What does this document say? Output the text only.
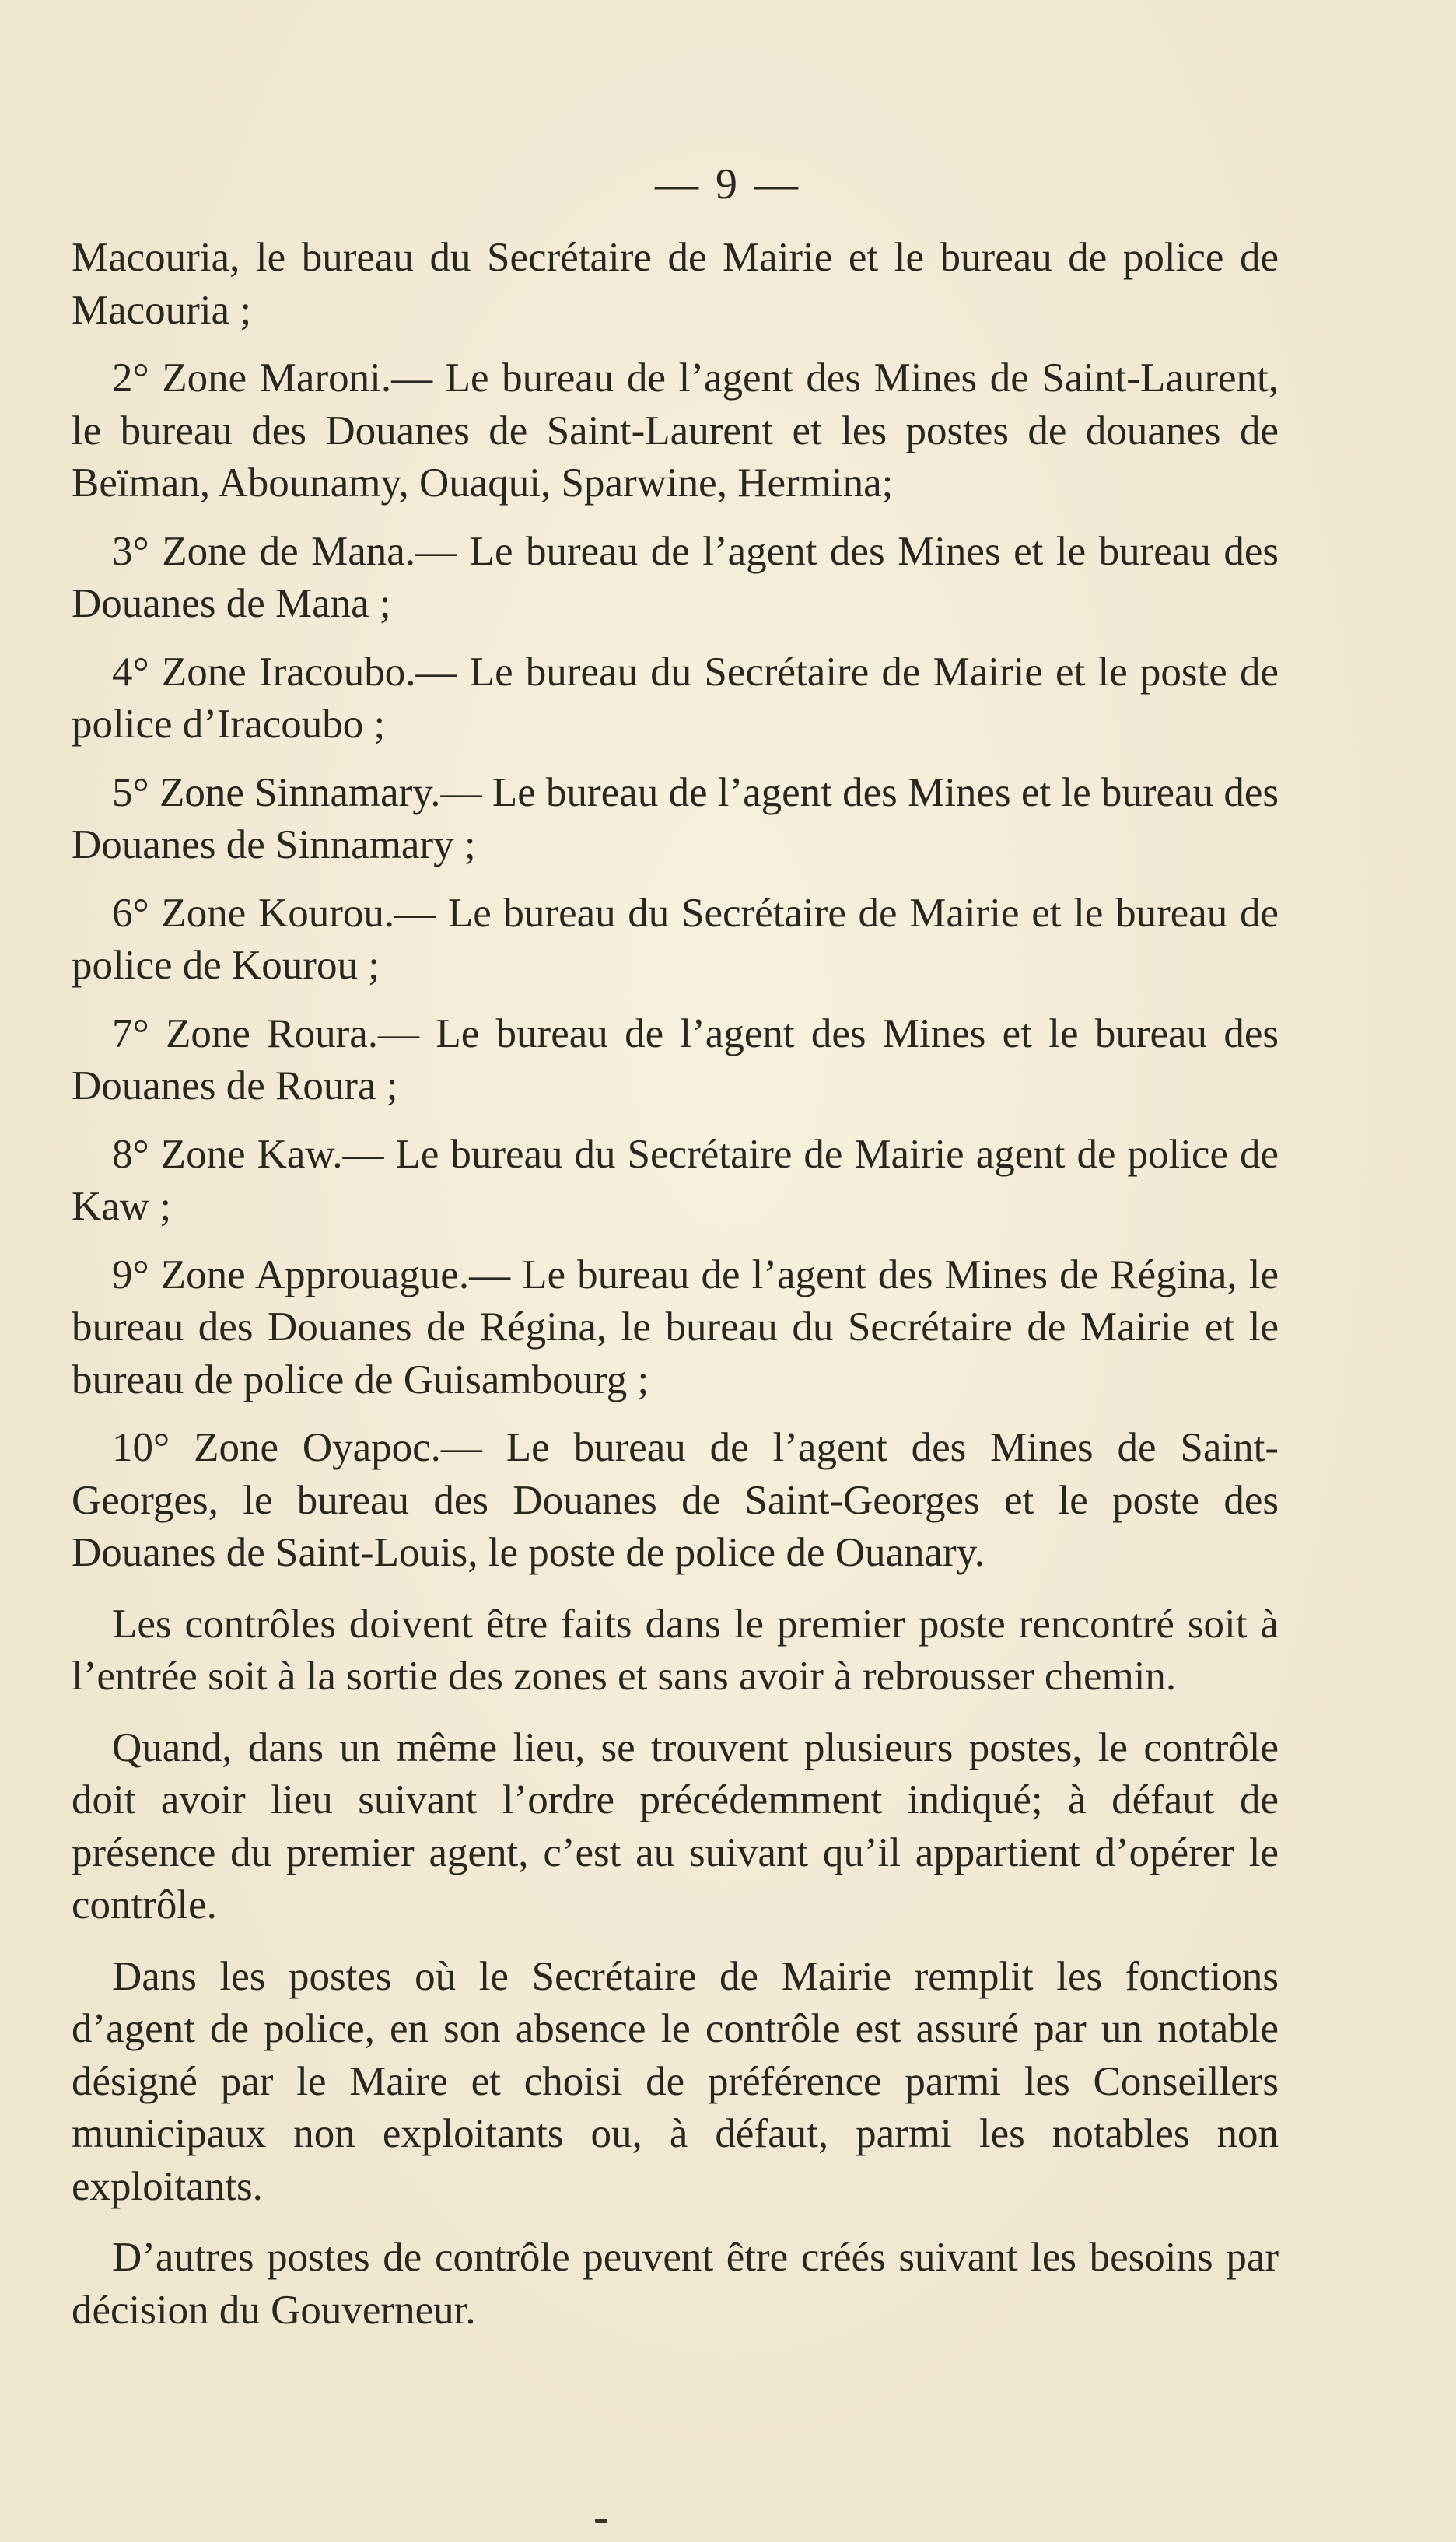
— 9 —

Macouria, le bureau du Secrétaire de Mairie et le bureau de police de Macouria ;

2° Zone Maroni.— Le bureau de l’agent des Mines de Saint-Laurent, le bureau des Douanes de Saint-Laurent et les postes de douanes de Beïman, Abounamy, Ouaqui, Sparwine, Hermina;

3° Zone de Mana.— Le bureau de l’agent des Mines et le bureau des Douanes de Mana ;

4° Zone Iracoubo.— Le bureau du Secrétaire de Mairie et le poste de police d’Iracoubo ;

5° Zone Sinnamary.— Le bureau de l’agent des Mines et le bureau des Douanes de Sinnamary ;

6° Zone Kourou.— Le bureau du Secrétaire de Mairie et le bureau de police de Kourou ;

7° Zone Roura.— Le bureau de l’agent des Mines et le bureau des Douanes de Roura ;

8° Zone Kaw.— Le bureau du Secrétaire de Mairie agent de police de Kaw ;

9° Zone Approuague.— Le bureau de l’agent des Mines de Régina, le bureau des Douanes de Régina, le bureau du Secrétaire de Mairie et le bureau de police de Guisambourg ;

10° Zone Oyapoc.— Le bureau de l’agent des Mines de Saint-Georges, le bureau des Douanes de Saint-Georges et le poste des Douanes de Saint-Louis, le poste de police de Ouanary.

Les contrôles doivent être faits dans le premier poste rencontré soit à l’entrée soit à la sortie des zones et sans avoir à rebrousser chemin.

Quand, dans un même lieu, se trouvent plusieurs postes, le contrôle doit avoir lieu suivant l’ordre précédemment indiqué; à défaut de présence du premier agent, c’est au suivant qu’il appartient d’opérer le contrôle.

Dans les postes où le Secrétaire de Mairie remplit les fonctions d’agent de police, en son absence le contrôle est assuré par un notable désigné par le Maire et choisi de préférence parmi les Conseillers municipaux non exploitants ou, à défaut, parmi les notables non exploitants.

D’autres postes de contrôle peuvent être créés suivant les besoins par décision du Gouverneur.
